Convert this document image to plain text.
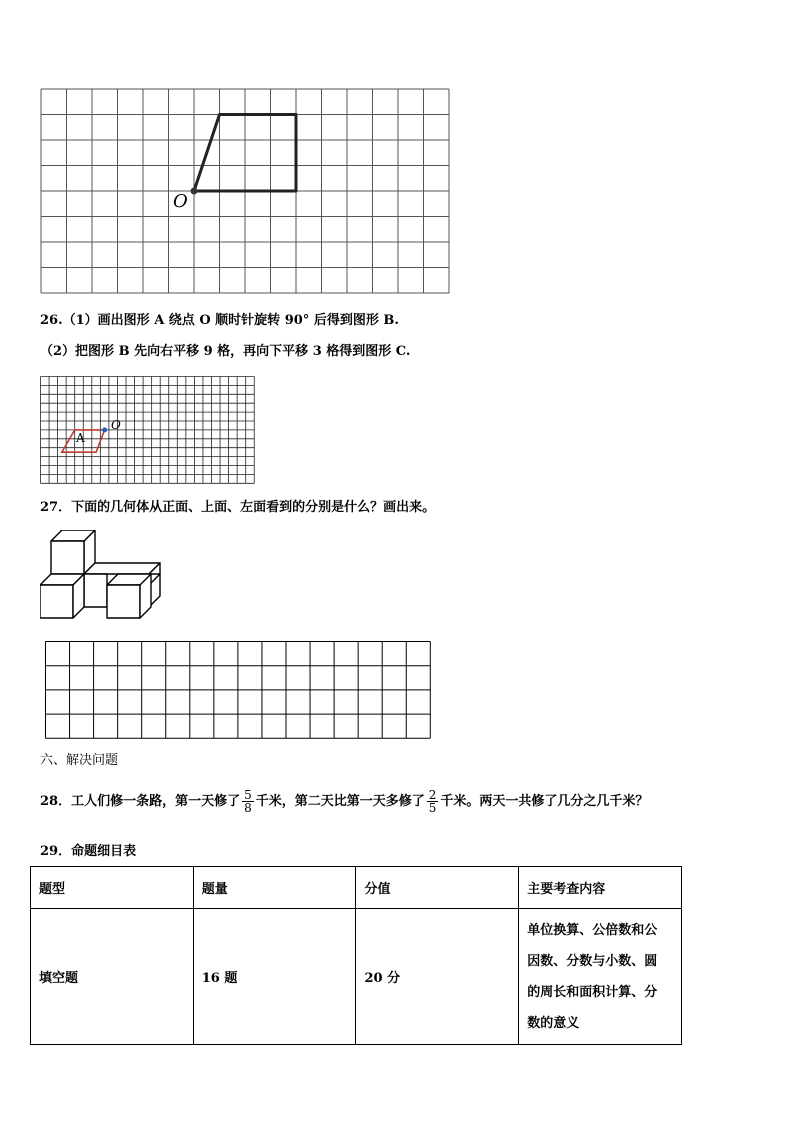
O
26.（1）画出图形 A 绕点 O 顺时针旋转 90° 后得到图形 B.
（2）把图形 B 先向右平移 9 格，再向下平移 3 格得到图形 C.
A
O
27．下面的几何体从正面、上面、左面看到的分别是什么？画出来。
六、解决问题
28．工人们修一条路，第一天修了 $\frac{5}{8}$ 千米，第二天比第一天多修了 $\frac{2}{5}$ 千米。两天一共修了几分之几千米？
29．命题细目表
题型	题量	分值	主要考查内容
填空题	16 题	20 分	单位换算、公倍数和公
因数、分数与小数、圆
的周长和面积计算、分
数的意义
